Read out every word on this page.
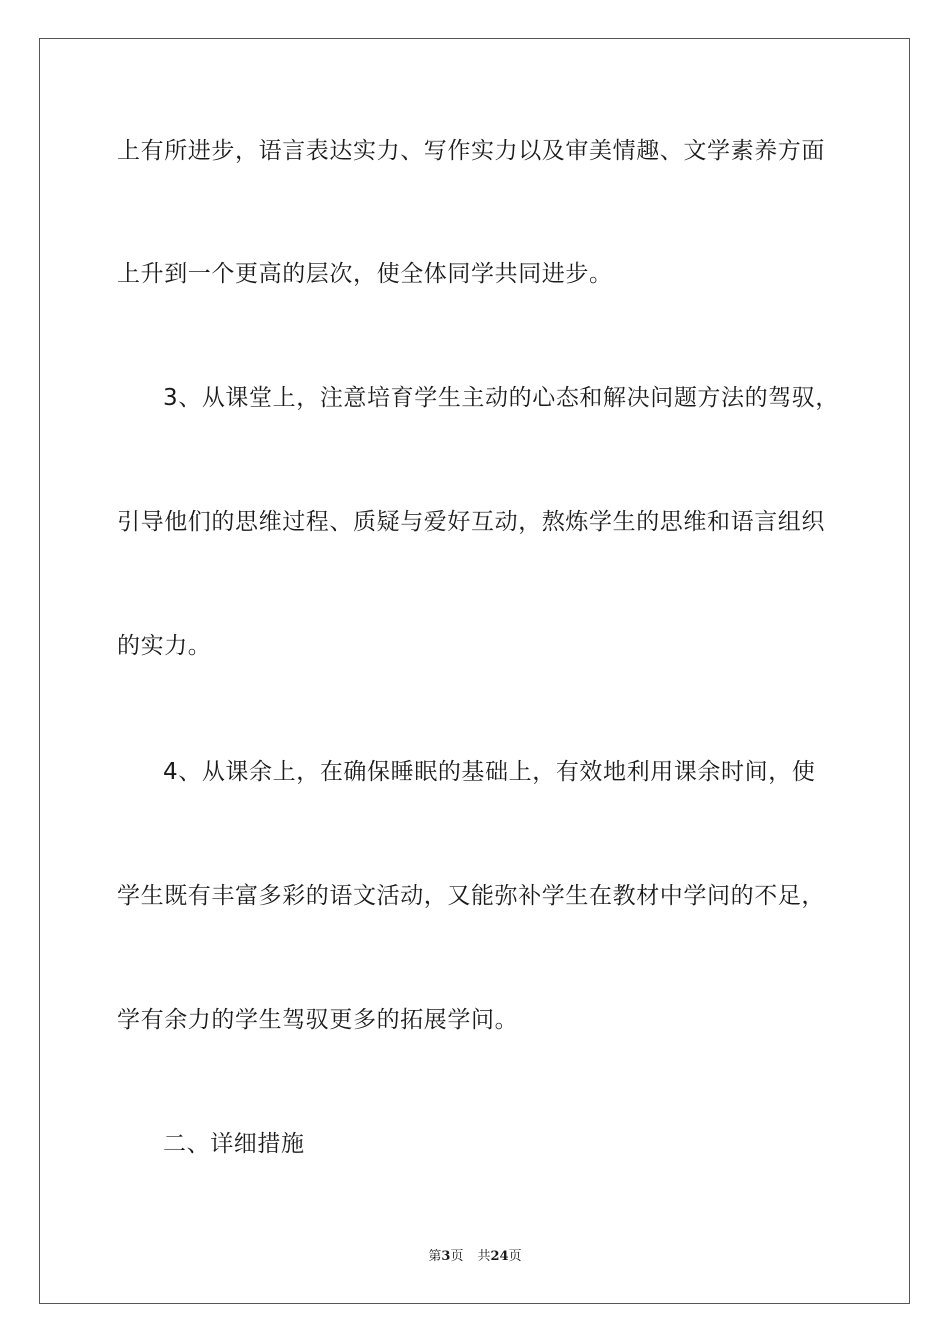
上有所进步，语言表达实力、写作实力以及审美情趣、文学素养方面
上升到一个更高的层次，使全体同学共同进步。
3、从课堂上，注意培育学生主动的心态和解决问题方法的驾驭，
引导他们的思维过程、质疑与爱好互动，熬炼学生的思维和语言组织
的实力。
4、从课余上，在确保睡眠的基础上，有效地利用课余时间，使
学生既有丰富多彩的语文活动，又能弥补学生在教材中学问的不足，
学有余力的学生驾驭更多的拓展学问。
二、详细措施
第3页 共24页
